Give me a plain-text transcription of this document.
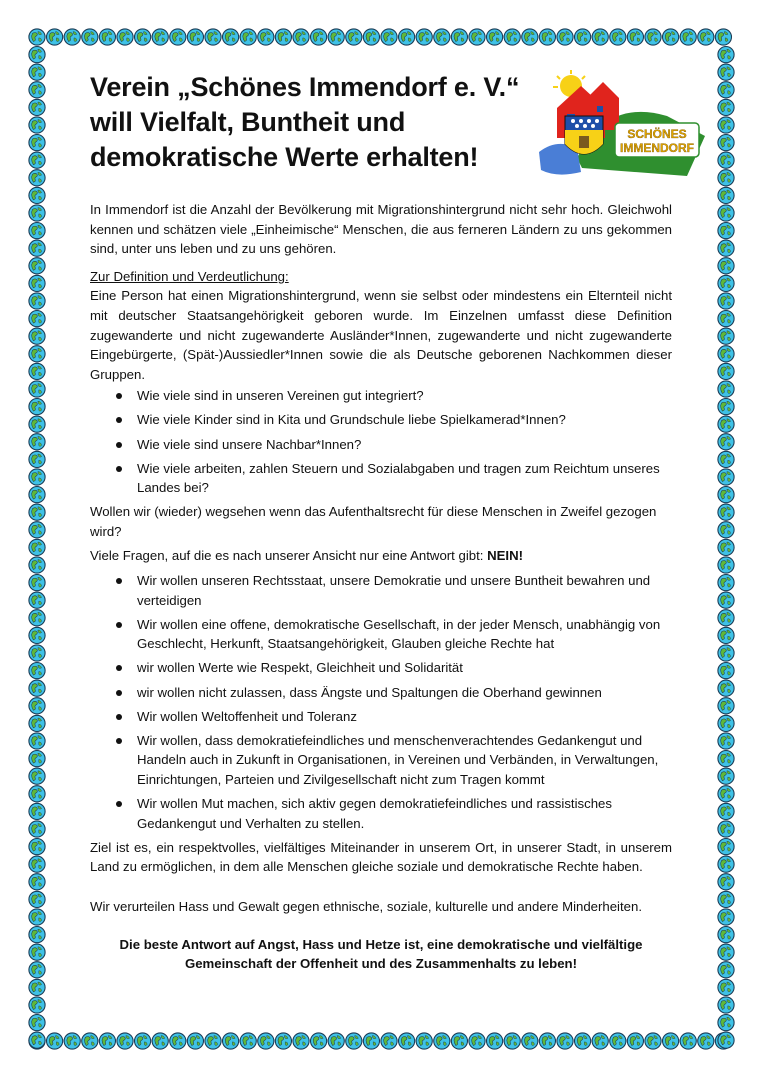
Verein „Schönes Immendorf e. V.“
will Vielfalt, Buntheit und
demokratische Werte erhalten!
SCHÖNES
IMMENDORF

In Immendorf ist die Anzahl der Bevölkerung mit Migrationshintergrund nicht sehr hoch. Gleichwohl kennen und schätzen viele „Einheimische“ Menschen, die aus ferneren Ländern zu uns gekommen sind, unter uns leben und zu uns gehören.

Zur Definition und Verdeutlichung:

Eine Person hat einen Migrationshintergrund, wenn sie selbst oder mindestens ein Elternteil nicht mit deutscher Staatsangehörigkeit geboren wurde. Im Einzelnen umfasst diese Definition zugewanderte und nicht zugewanderte Ausländer*Innen, zugewanderte und nicht zugewanderte Eingebürgerte, (Spät-)Aussiedler*Innen sowie die als Deutsche geborenen Nachkommen dieser Gruppen.

Wie viele sind in unseren Vereinen gut integriert?
Wie viele Kinder sind in Kita und Grundschule liebe Spielkamerad*Innen?
Wie viele sind unsere Nachbar*Innen?
Wie viele arbeiten, zahlen Steuern und Sozialabgaben und tragen zum Reichtum unseres Landes bei?

Wollen wir (wieder) wegsehen wenn das Aufenthaltsrecht für diese Menschen in Zweifel gezogen wird?

Viele Fragen, auf die es nach unserer Ansicht nur eine Antwort gibt: NEIN!

Wir wollen unseren Rechtsstaat, unsere Demokratie und unsere Buntheit bewahren und verteidigen
Wir wollen eine offene, demokratische Gesellschaft, in der jeder Mensch, unabhängig von Geschlecht, Herkunft, Staatsangehörigkeit, Glauben gleiche Rechte hat
wir wollen Werte wie Respekt, Gleichheit und Solidarität
wir wollen nicht zulassen, dass Ängste und Spaltungen die Oberhand gewinnen
Wir wollen Weltoffenheit und Toleranz
Wir wollen, dass demokratiefeindliches und menschenverachtendes Gedankengut und Handeln auch in Zukunft in Organisationen, in Vereinen und Verbänden, in Verwaltungen, Einrichtungen, Parteien und Zivilgesellschaft nicht zum Tragen kommt
Wir wollen Mut machen, sich aktiv gegen demokratiefeindliches und rassistisches Gedankengut und Verhalten zu stellen.

Ziel ist es, ein respektvolles, vielfältiges Miteinander in unserem Ort, in unserer Stadt, in unserem Land zu ermöglichen, in dem alle Menschen gleiche soziale und demokratische Rechte haben.

Wir verurteilen Hass und Gewalt gegen ethnische, soziale, kulturelle und andere Minderheiten.

Die beste Antwort auf Angst, Hass und Hetze ist, eine demokratische und vielfältige
Gemeinschaft der Offenheit und des Zusammenhalts zu leben!
